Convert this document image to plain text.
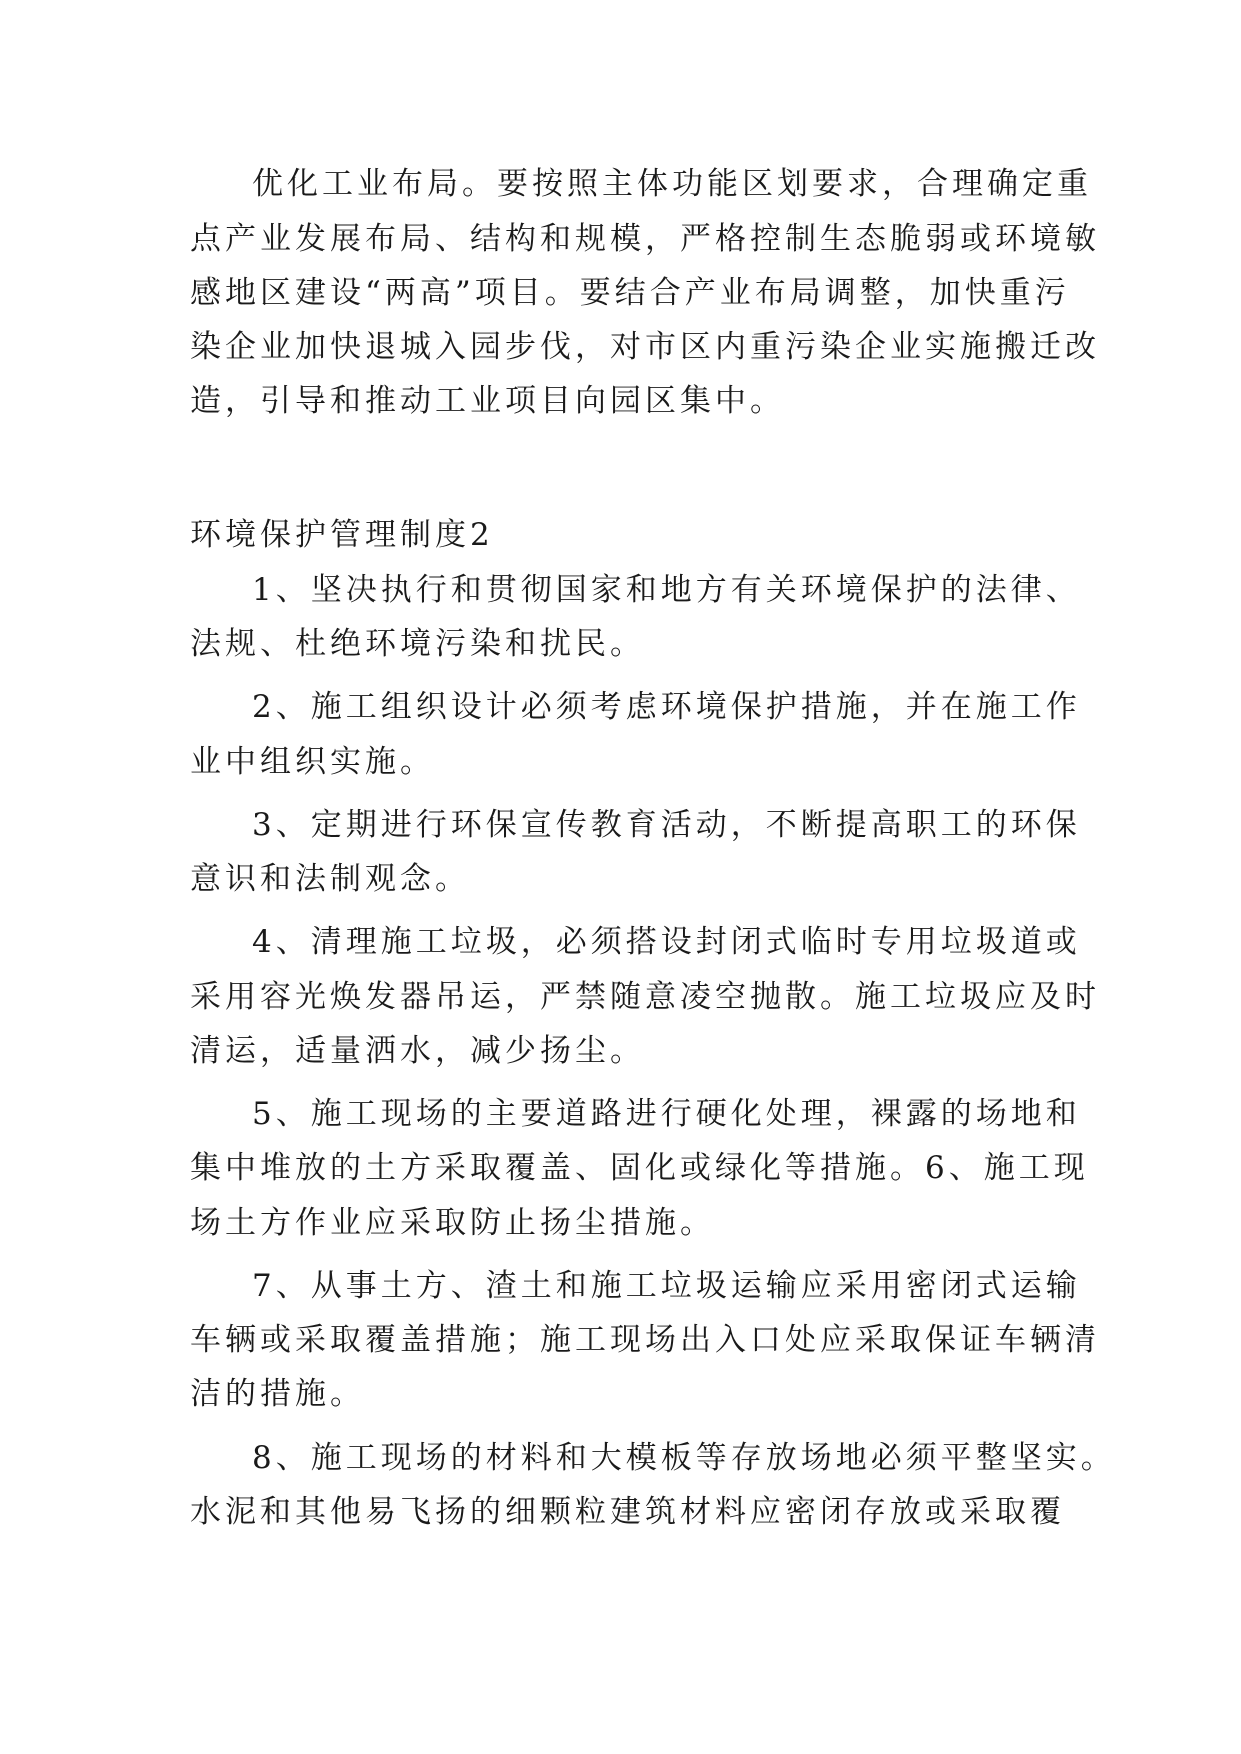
优化工业布局。要按照主体功能区划要求，合理确定重

点产业发展布局、结构和规模，严格控制生态脆弱或环境敏

感地区建设“两高”项目。要结合产业布局调整，加快重污

染企业加快退城入园步伐，对市区内重污染企业实施搬迁改

造，引导和推动工业项目向园区集中。

环境保护管理制度2

1、坚决执行和贯彻国家和地方有关环境保护的法律、

法规、杜绝环境污染和扰民。

2、施工组织设计必须考虑环境保护措施，并在施工作

业中组织实施。

3、定期进行环保宣传教育活动，不断提高职工的环保

意识和法制观念。

4、清理施工垃圾，必须搭设封闭式临时专用垃圾道或

采用容光焕发器吊运，严禁随意凌空抛散。施工垃圾应及时

清运，适量洒水，减少扬尘。

5、施工现场的主要道路进行硬化处理，裸露的场地和

集中堆放的土方采取覆盖、固化或绿化等措施。6、施工现

场土方作业应采取防止扬尘措施。

7、从事土方、渣土和施工垃圾运输应采用密闭式运输

车辆或采取覆盖措施；施工现场出入口处应采取保证车辆清

洁的措施。

8、施工现场的材料和大模板等存放场地必须平整坚实。

水泥和其他易飞扬的细颗粒建筑材料应密闭存放或采取覆
